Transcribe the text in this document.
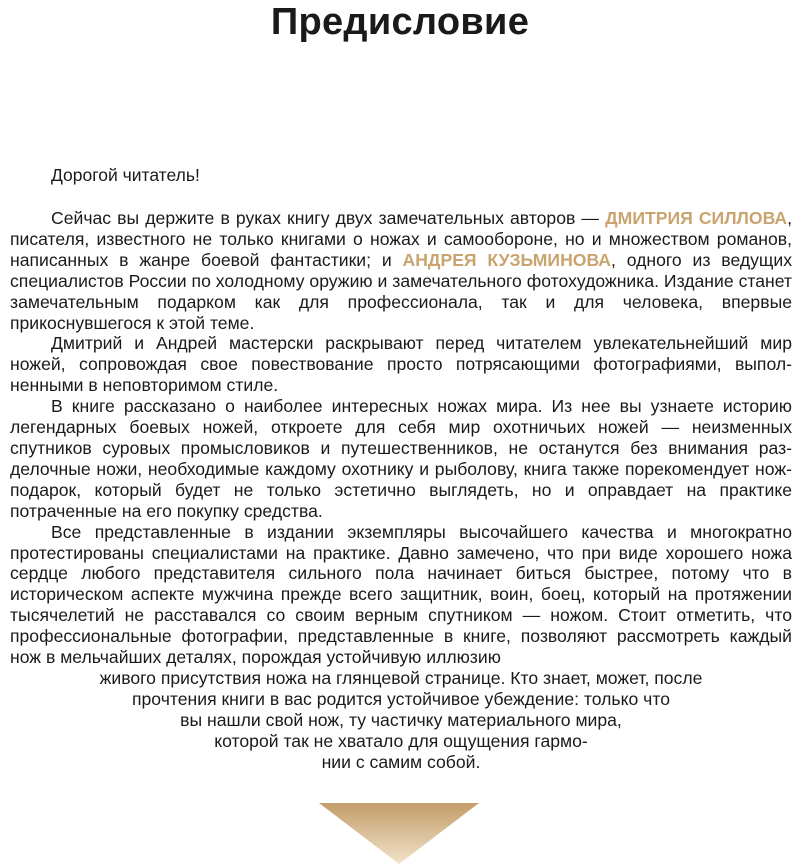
Предисловие
Дорогой читатель!

Сейчас вы держите в руках книгу двух замечательных авторов — ДМИТРИЯ СИЛЛОВА, писателя, известного не только книгами о ножах и самообороне, но и множеством романов, написанных в жанре боевой фантастики; и АНДРЕЯ КУЗЬМИНОВА, одного из ведущих специалистов России по холодному оружию и замечательного фотохудожника. Издание станет замечательным подарком как для профессионала, так и для человека, впервые прикоснувшегося к этой теме.

Дмитрий и Андрей мастерски раскрывают перед читателем увлекательнейший мир ножей, сопровождая свое повествование просто потрясающими фотографиями, выполненными в неповторимом стиле.

В книге рассказано о наиболее интересных ножах мира. Из нее вы узнаете историю легендарных боевых ножей, откроете для себя мир охотничьих ножей — неизменных спутников суровых промысловиков и путешественников, не останутся без внимания разделочные ножи, необходимые каждому охотнику и рыболову, книга также порекомендует нож-подарок, который будет не только эстетично выглядеть, но и оправдает на практике потраченные на его покупку средства.

Все представленные в издании экземпляры высочайшего качества и многократно протестированы специалистами на практике. Давно замечено, что при виде хорошего ножа сердце любого представителя сильного пола начинает биться быстрее, потому что в историческом аспекте мужчина прежде всего защитник, воин, боец, который на протяжении тысячелетий не расставался со своим верным спутником — ножом. Стоит отметить, что профессиональные фотографии, представленные в книге, позволяют рассмотреть каждый нож в мельчайших деталях, порождая устойчивую иллюзию

живого присутствия ножа на глянцевой странице. Кто знает, может, после
прочтения книги в вас родится устойчивое убеждение: только что
вы нашли свой нож, ту частичку материального мира,
которой так не хватало для ощущения гармо-
нии с самим собой.
